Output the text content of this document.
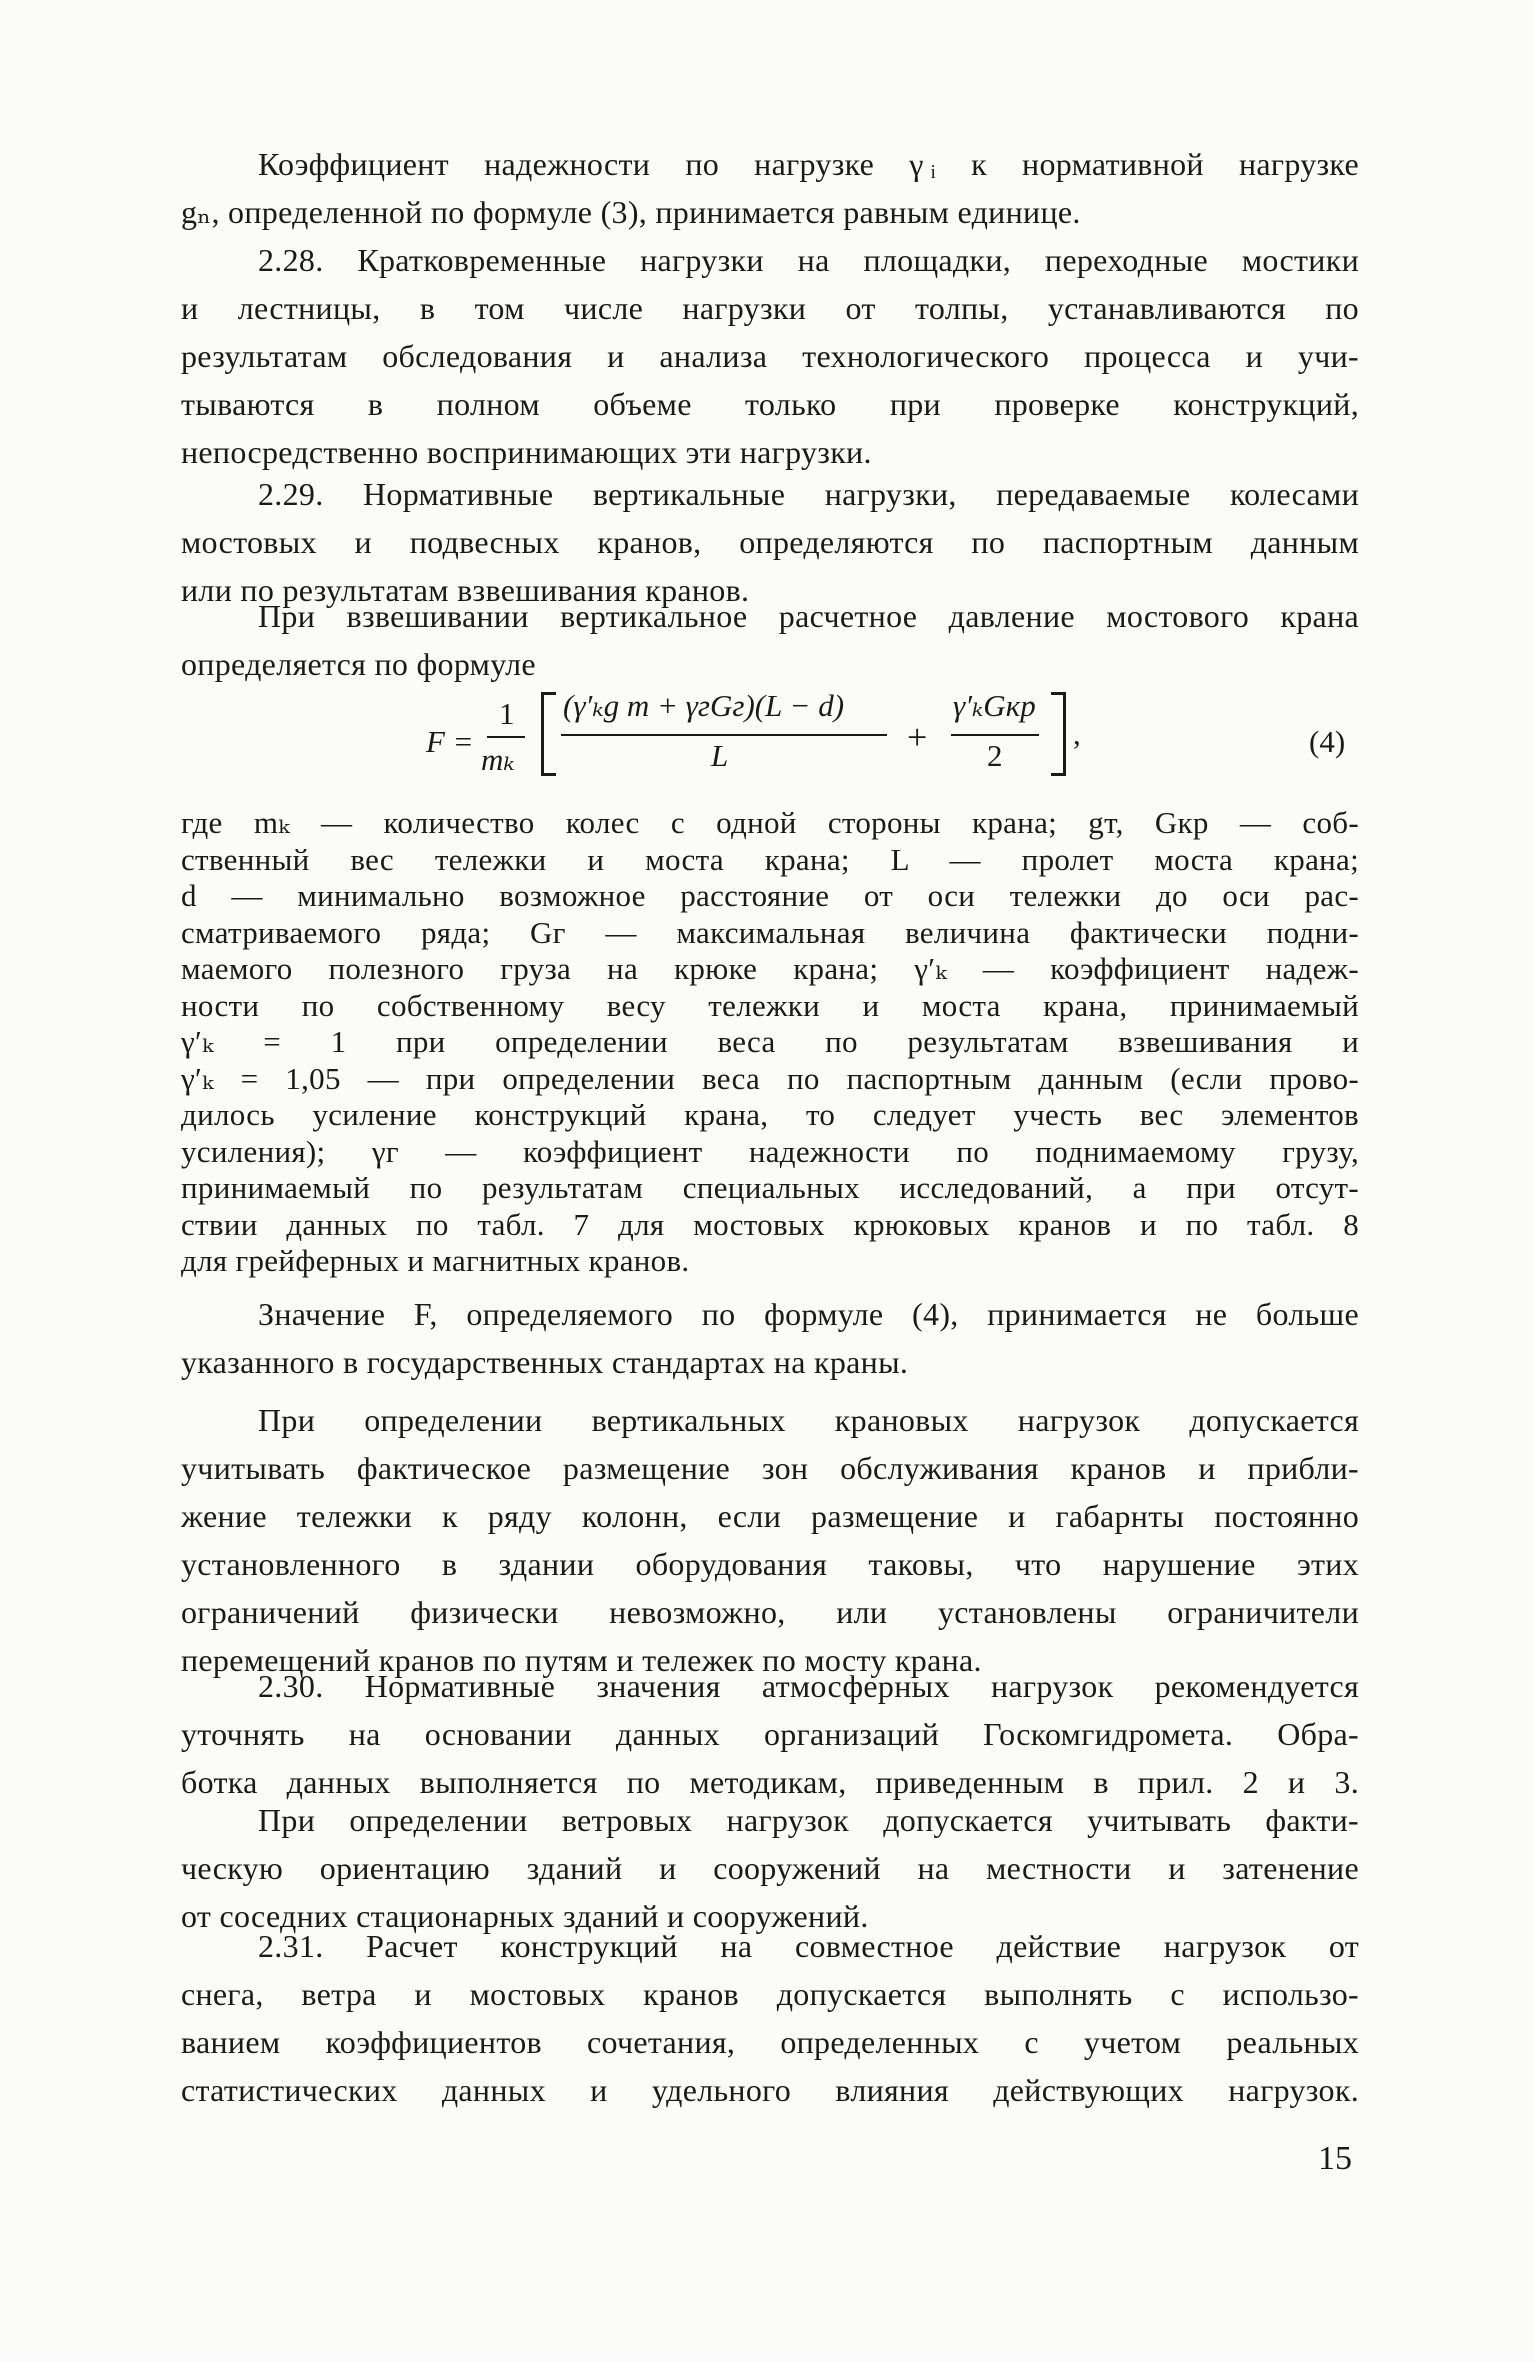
Коэффициент надежности по нагрузке γ ᵢ к нормативной нагрузке
gₙ, определенной по формуле (3), принимается равным единице.
2.28. Кратковременные нагрузки на площадки, переходные мостики
и лестницы, в том числе нагрузки от толпы, устанавливаются по
результатам обследования и анализа технологического процесса и учи-
тываются в полном объеме только при проверке конструкций,
непосредственно воспринимающих эти нагрузки.
2.29. Нормативные вертикальные нагрузки, передаваемые колесами
мостовых и подвесных кранов, определяются по паспортным данным
или по результатам взвешивания кранов.
При взвешивании вертикальное расчетное давление мостового крана
определяется по формуле
F =
1
mₖ
(γ′ₖg т + γгGг)(L − d)
L	+
γ′ₖGкр
2
,	(4)
где mₖ — количество колес с одной стороны крана; gт, Gкр — соб-
ственный вес тележки и моста крана; L — пролет моста крана;
d — минимально возможное расстояние от оси тележки до оси рас-
сматриваемого ряда; Gг — максимальная величина фактически подни-
маемого полезного груза на крюке крана; γ′ₖ — коэффициент надеж-
ности по собственному весу тележки и моста крана, принимаемый
γ′ₖ = 1 при определении веса по результатам взвешивания и
γ′ₖ = 1,05 — при определении веса по паспортным данным (если прово-
дилось усиление конструкций крана, то следует учесть вес элементов
усиления); γг — коэффициент надежности по поднимаемому грузу,
принимаемый по результатам специальных исследований, а при отсут-
ствии данных по табл. 7 для мостовых крюковых кранов и по табл. 8
для грейферных и магнитных кранов.
Значение F, определяемого по формуле (4), принимается не больше
указанного в государственных стандартах на краны.
При определении вертикальных крановых нагрузок допускается
учитывать фактическое размещение зон обслуживания кранов и прибли-
жение тележки к ряду колонн, если размещение и габарнты постоянно
установленного в здании оборудования таковы, что нарушение этих
ограничений физически невозможно, или установлены ограничители
перемещений кранов по путям и тележек по мосту крана.
2.30. Нормативные значения атмосферных нагрузок рекомендуется
уточнять на основании данных организаций Госкомгидромета. Обра-
ботка данных выполняется по методикам, приведенным в прил. 2 и 3.
При определении ветровых нагрузок допускается учитывать факти-
ческую ориентацию зданий и сооружений на местности и затенение
от соседних стационарных зданий и сооружений.
2.31. Расчет конструкций на совместное действие нагрузок от
снега, ветра и мостовых кранов допускается выполнять с использо-
ванием коэффициентов сочетания, определенных с учетом реальных
статистических данных и удельного влияния действующих нагрузок.
15
